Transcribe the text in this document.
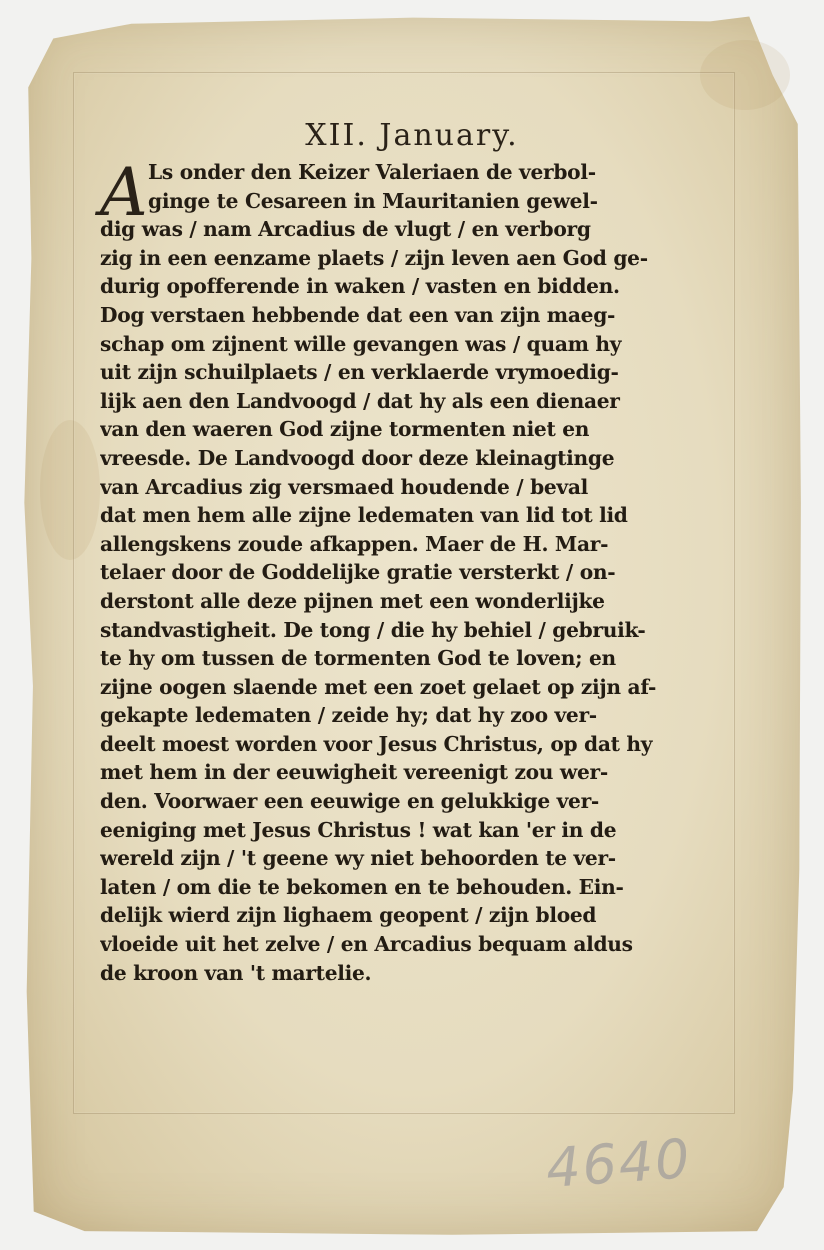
XII. January.
A Ls onder den Keizer Valeriaen de verbol-
ginge te Cesareen in Mauritanien gewel-
dig was / nam Arcadius de vlugt / en verborg
zig in een eenzame plaets / zijn leven aen God ge-
durig opofferende in waken / vasten en bidden.
Dog verstaen hebbende dat een van zijn maeg-
schap om zijnent wille gevangen was / quam hy
uit zijn schuilplaets / en verklaerde vrymoedig-
lijk aen den Landvoogd / dat hy als een dienaer
van den waeren God zijne tormenten niet en
vreesde. De Landvoogd door deze kleinagtinge
van Arcadius zig versmaed houdende / beval
dat men hem alle zijne ledematen van lid tot lid
allengskens zoude afkappen. Maer de H. Mar-
telaer door de Goddelijke gratie versterkt / on-
derstont alle deze pijnen met een wonderlijke
standvastigheit. De tong / die hy behiel / gebruik-
te hy om tussen de tormenten God te loven; en
zijne oogen slaende met een zoet gelaet op zijn af-
gekapte ledematen / zeide hy; dat hy zoo ver-
deelt moest worden voor Jesus Christus, op dat hy
met hem in der eeuwigheit vereenigt zou wer-
den. Voorwaer een eeuwige en gelukkige ver-
eeniging met Jesus Christus ! wat kan 'er in de
wereld zijn / 't geene wy niet behoorden te ver-
laten / om die te bekomen en te behouden. Ein-
delijk wierd zijn lighaem geopent / zijn bloed
vloeide uit het zelve / en Arcadius bequam aldus
de kroon van 't martelie.
4640
